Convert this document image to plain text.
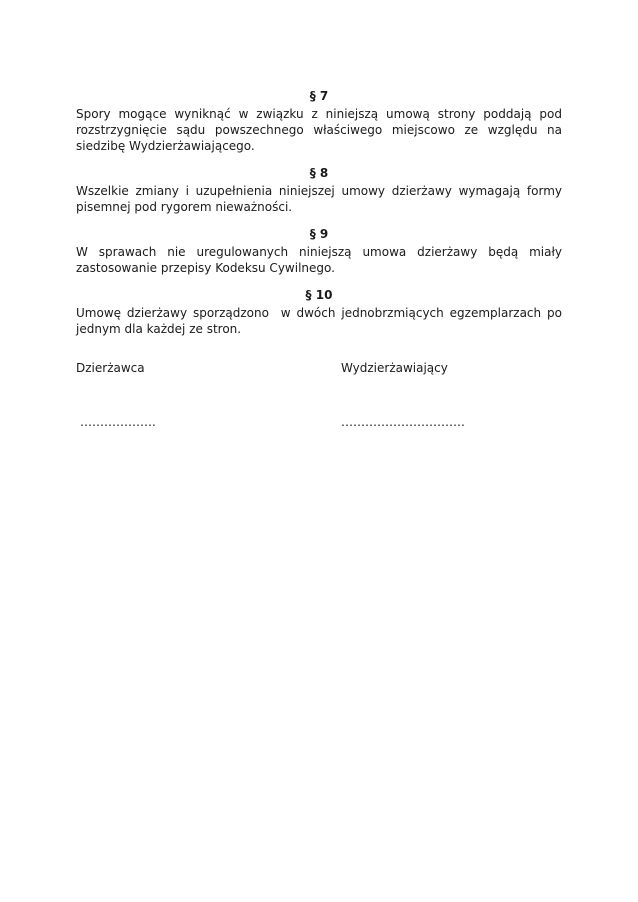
§ 7

Spory mogące wyniknąć w związku z niniejszą umową strony poddają pod rozstrzygnięcie sądu powszechnego właściwego miejscowo ze względu na siedzibę Wydzierżawiającego.

§ 8

Wszelkie zmiany i uzupełnienia niniejszej umowy dzierżawy wymagają formy pisemnej pod rygorem nieważności.

§ 9

W sprawach nie uregulowanych niniejszą umowa dzierżawy będą miały zastosowanie przepisy Kodeksu Cywilnego.

§ 10

Umowę dzierżawy sporządzono  w dwóch jednobrzmiących egzemplarzach po jednym dla każdej ze stron.

Dzierżawca	Wydzierżawiający
……………….	………………………….
